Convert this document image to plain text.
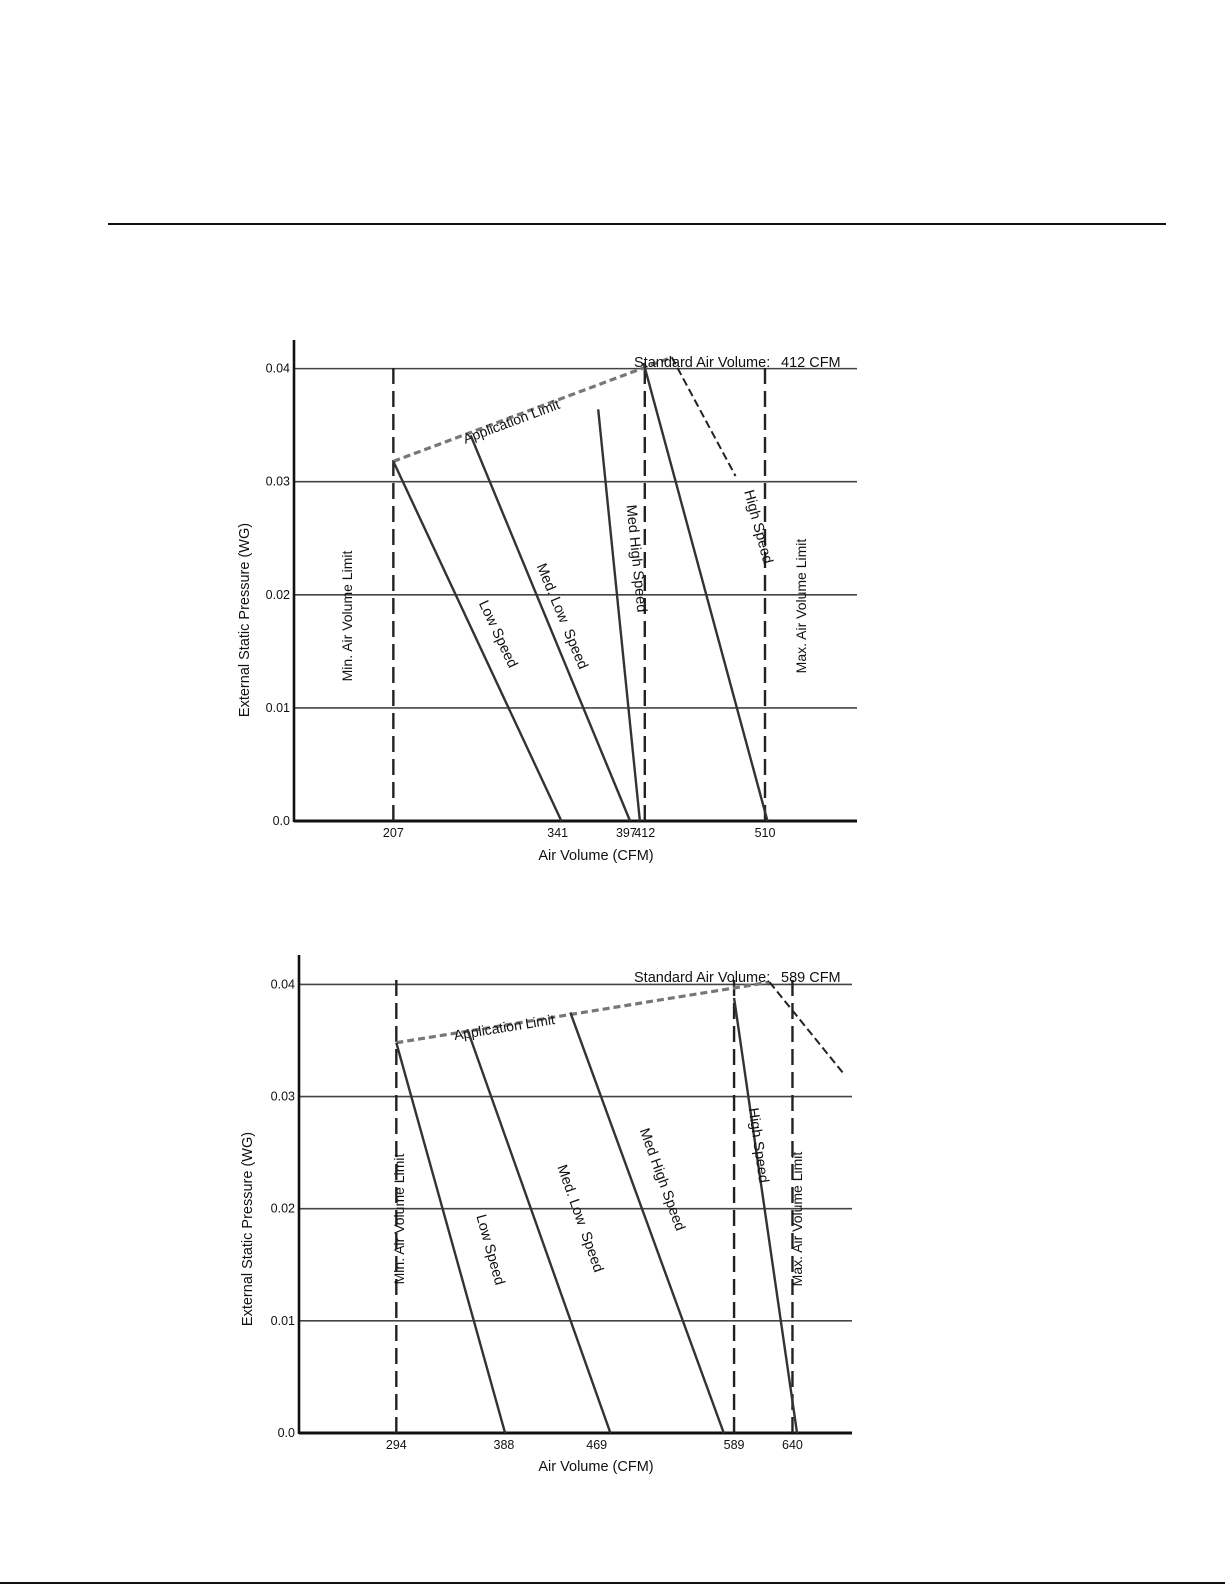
0.0
0.01
0.02
0.03
0.04
207	341	397
412	510
Application Limit
Low Speed Med. Low  Speed
Med High Speed	High Speed
Min. Air Volume Limit	Max. Air Volume Limit
Air Volume (CFM)
External Static Pressure (WG)
Standard Air Volume: 412 CFM
0.0
0.01
0.02
0.03
0.04
294	388	469	589	640
Application Limit
Low Speed	Med. Low  Speed Med High Speed	High Speed
Min. Air Volume Limit	Max. Air Volume Limit
Air Volume (CFM)
External Static Pressure (WG)
Standard Air Volume: 589 CFM
